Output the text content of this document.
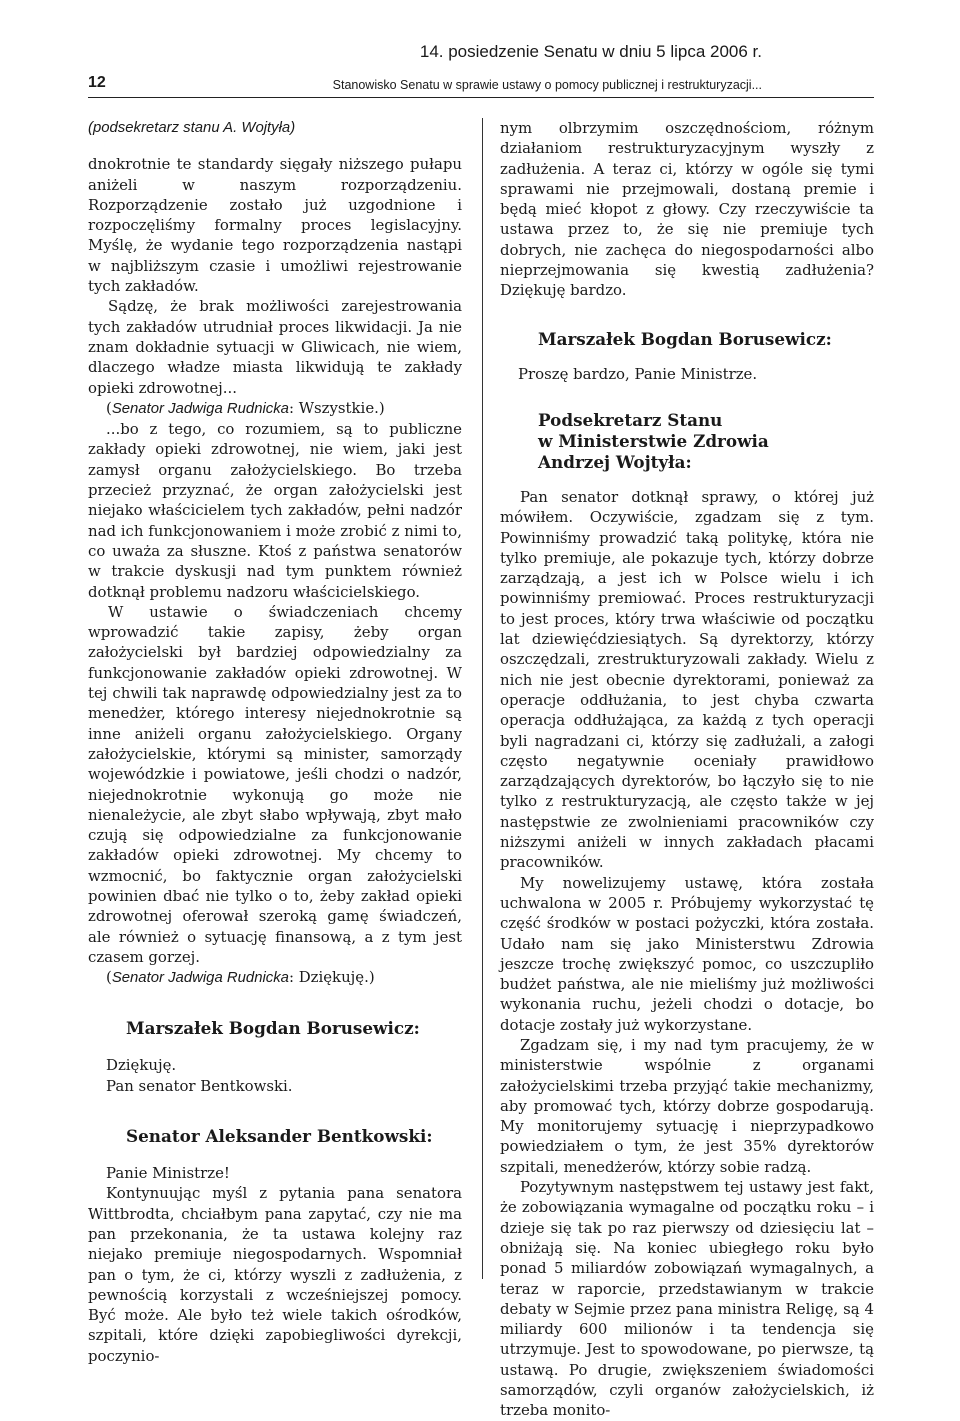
12
14. posiedzenie Senatu w dniu 5 lipca 2006 r.
Stanowisko Senatu w sprawie ustawy o pomocy publicznej i restrukturyzacji...

(podsekretarz stanu A. Wojtyła)

dnokrotnie te standardy sięgały niższego pułapu aniżeli w naszym rozporządzeniu. Rozporządzenie zostało już uzgodnione i rozpoczęliśmy formalny proces legislacyjny. Myślę, że wydanie tego rozporządzenia nastąpi w najbliższym czasie i umożliwi rejestrowanie tych zakładów.

Sądzę, że brak możliwości zarejestrowania tych zakładów utrudniał proces likwidacji. Ja nie znam dokładnie sytuacji w Gliwicach, nie wiem, dlaczego władze miasta likwidują te zakłady opieki zdrowotnej...

(Senator Jadwiga Rudnicka: Wszystkie.)

...bo z tego, co rozumiem, są to publiczne zakłady opieki zdrowotnej, nie wiem, jaki jest zamysł organu założycielskiego. Bo trzeba przecież przyznać, że organ założycielski jest niejako właścicielem tych zakładów, pełni nadzór nad ich funkcjonowaniem i może zrobić z nimi to, co uważa za słuszne. Ktoś z państwa senatorów w trakcie dyskusji nad tym punktem również dotknął problemu nadzoru właścicielskiego.

W ustawie o świadczeniach chcemy wprowadzić takie zapisy, żeby organ założycielski był bardziej odpowiedzialny za funkcjonowanie zakładów opieki zdrowotnej. W tej chwili tak naprawdę odpowiedzialny jest za to menedżer, którego interesy niejednokrotnie są inne aniżeli organu założycielskiego. Organy założycielskie, którymi są minister, samorządy wojewódzkie i powiatowe, jeśli chodzi o nadzór, niejednokrotnie wykonują go może nie nienależycie, ale zbyt słabo wpływają, zbyt mało czują się odpowiedzialne za funkcjonowanie zakładów opieki zdrowotnej. My chcemy to wzmocnić, bo faktycznie organ założycielski powinien dbać nie tylko o to, żeby zakład opieki zdrowotnej oferował szeroką gamę świadczeń, ale również o sytuację finansową, a z tym jest czasem gorzej.

(Senator Jadwiga Rudnicka: Dziękuję.)

Marszałek Bogdan Borusewicz:

Dziękuję.

Pan senator Bentkowski.

Senator Aleksander Bentkowski:

Panie Ministrze!

Kontynuując myśl z pytania pana senatora Wittbrodta, chciałbym pana zapytać, czy nie ma pan przekonania, że ta ustawa kolejny raz niejako premiuje niegospodarnych. Wspomniał pan o tym, że ci, którzy wyszli z zadłużenia, z pewnością korzystali z wcześniejszej pomocy. Być może. Ale było też wiele takich ośrodków, szpitali, które dzięki zapobiegliwości dyrekcji, poczynio-

nym olbrzymim oszczędnościom, różnym działaniom restrukturyzacyjnym wyszły z zadłużenia. A teraz ci, którzy w ogóle się tymi sprawami nie przejmowali, dostaną premie i będą mieć kłopot z głowy. Czy rzeczywiście ta ustawa przez to, że się nie premiuje tych dobrych, nie zachęca do niegospodarności albo nieprzejmowania się kwestią zadłużenia? Dziękuję bardzo.

Marszałek Bogdan Borusewicz:

Proszę bardzo, Panie Ministrze.

Podsekretarz Stanu

w Ministerstwie Zdrowia

Andrzej Wojtyła:

Pan senator dotknął sprawy, o której już mówiłem. Oczywiście, zgadzam się z tym. Powinniśmy prowadzić taką politykę, która nie tylko premiuje, ale pokazuje tych, którzy dobrze zarządzają, a jest ich w Polsce wielu i ich powinniśmy premiować. Proces restrukturyzacji to jest proces, który trwa właściwie od początku lat dziewięćdziesiątych. Są dyrektorzy, którzy oszczędzali, zrestrukturyzowali zakłady. Wielu z nich nie jest obecnie dyrektorami, ponieważ za operacje oddłużania, to jest chyba czwarta operacja oddłużająca, za każdą z tych operacji byli nagradzani ci, którzy się zadłużali, a załogi często negatywnie oceniały prawidłowo zarządzających dyrektorów, bo łączyło się to nie tylko z restrukturyzacją, ale często także w jej następstwie ze zwolnieniami pracowników czy niższymi aniżeli w innych zakładach płacami pracowników.

My nowelizujemy ustawę, która została uchwalona w 2005 r. Próbujemy wykorzystać tę część środków w postaci pożyczki, która została. Udało nam się jako Ministerstwu Zdrowia jeszcze trochę zwiększyć pomoc, co uszczupliło budżet państwa, ale nie mieliśmy już możliwości wykonania ruchu, jeżeli chodzi o dotacje, bo dotacje zostały już wykorzystane.

Zgadzam się, i my nad tym pracujemy, że w ministerstwie wspólnie z organami założycielskimi trzeba przyjąć takie mechanizmy, aby promować tych, którzy dobrze gospodarują. My monitorujemy sytuację i nieprzypadkowo powiedziałem o tym, że jest 35% dyrektorów szpitali, menedżerów, którzy sobie radzą.

Pozytywnym następstwem tej ustawy jest fakt, że zobowiązania wymagalne od początku roku – i dzieje się tak po raz pierwszy od dziesięciu lat – obniżają się. Na koniec ubiegłego roku było ponad 5 miliardów zobowiązań wymagalnych, a teraz w raporcie, przedstawianym w trakcie debaty w Sejmie przez pana ministra Religę, są 4 miliardy 600 milionów i ta tendencja się utrzymuje. Jest to spowodowane, po pierwsze, tą ustawą. Po drugie, zwiększeniem świadomości samorządów, czyli organów założycielskich, iż trzeba monito-
